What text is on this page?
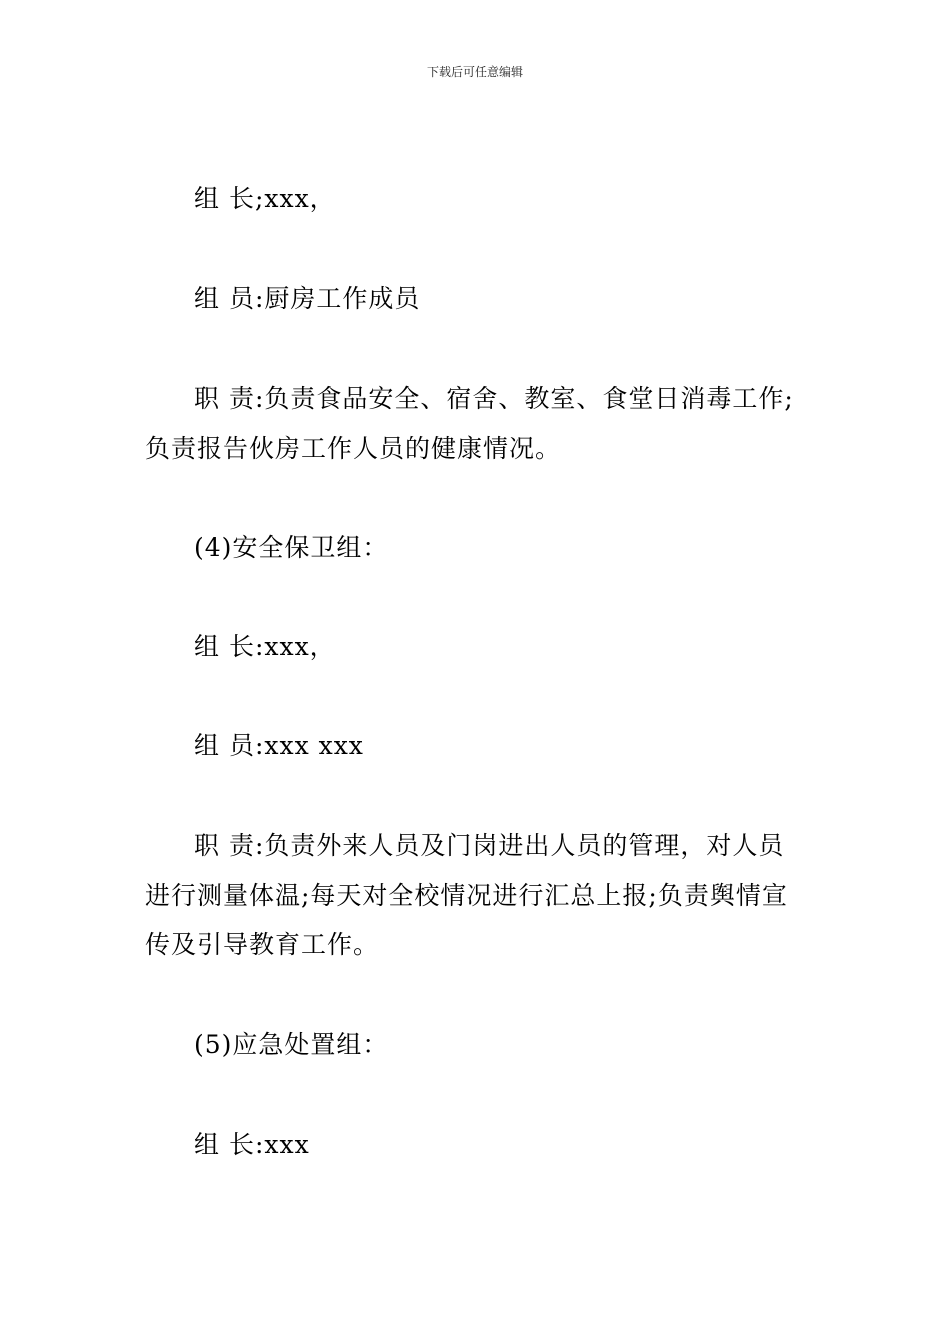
下载后可任意编辑
组 长;xxx，
组 员:厨房工作成员
职 责:负责食品安全、宿舍、教室、食堂日消毒工作;
负责报告伙房工作人员的健康情况。
(4)安全保卫组：
组 长:xxx，
组 员:xxx xxx
职 责:负责外来人员及门岗进出人员的管理，对人员
进行测量体温;每天对全校情况进行汇总上报;负责舆情宣
传及引导教育工作。
(5)应急处置组：
组 长:xxx
